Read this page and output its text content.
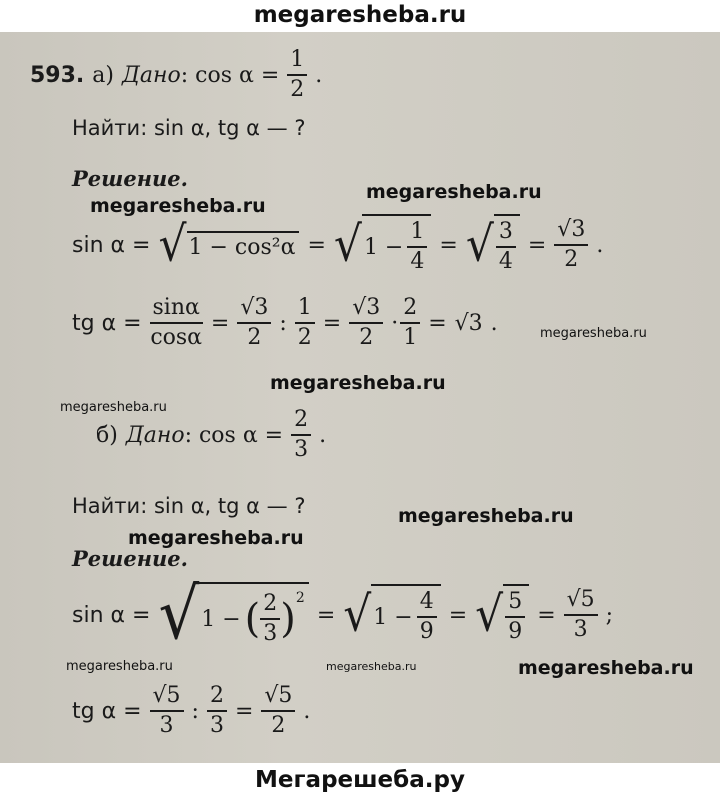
megaresheba.ru
593. а) Дано : $\cos \alpha = \frac{1}{2}$ .
Найти: sin α, tg α — ?
Решение.
sin α = √ 1 − cos²α = √ $1 - \frac{1}{4}$ = √ $\frac{3}{4} = \frac{√3}{2}$ .
tg $\alpha = \frac{\sin\alpha}{\cos\alpha} = \frac{√3}{2}$ : $\frac{1}{2} = \frac{√3}{2} \cdot \frac{2}{1} = √3$ .
б) Дано : $\cos \alpha = \frac{2}{3}$ .
Найти: sin α, tg α — ?
Решение.
sin α = √ 1 − ( $\frac{2}{3} )^2$
= √ $1 - \frac{4}{9}$ = √ $\frac{5}{9} = \frac{√5}{3}$ ;
tg $\alpha = \frac{√5}{3}$ : $\frac{2}{3} = \frac{√5}{2}$ .
megaresheba.ru
megaresheba.ru
megaresheba.ru
megaresheba.ru
megaresheba.ru
megaresheba.ru
megaresheba.ru
megaresheba.ru	megaresheba.ru	megaresheba.ru
Мегарешеба.ру
